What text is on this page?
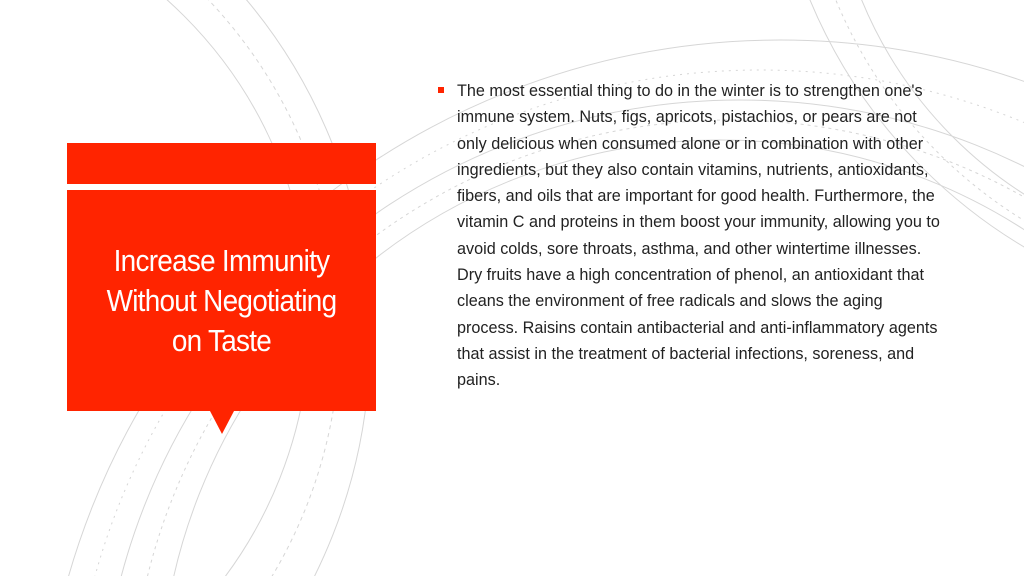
Increase Immunity Without Negotiating on Taste

The most essential thing to do in the winter is to strengthen one's immune system. Nuts, figs, apricots, pistachios, or pears are not only delicious when consumed alone or in combination with other ingredients, but they also contain vitamins, nutrients, antioxidants, fibers, and oils that are important for good health. Furthermore, the vitamin C and proteins in them boost your immunity, allowing you to avoid colds, sore throats, asthma, and other wintertime illnesses. Dry fruits have a high concentration of phenol, an antioxidant that cleans the environment of free radicals and slows the aging process. Raisins contain antibacterial and anti-inflammatory agents that assist in the treatment of bacterial infections, soreness, and pains.
